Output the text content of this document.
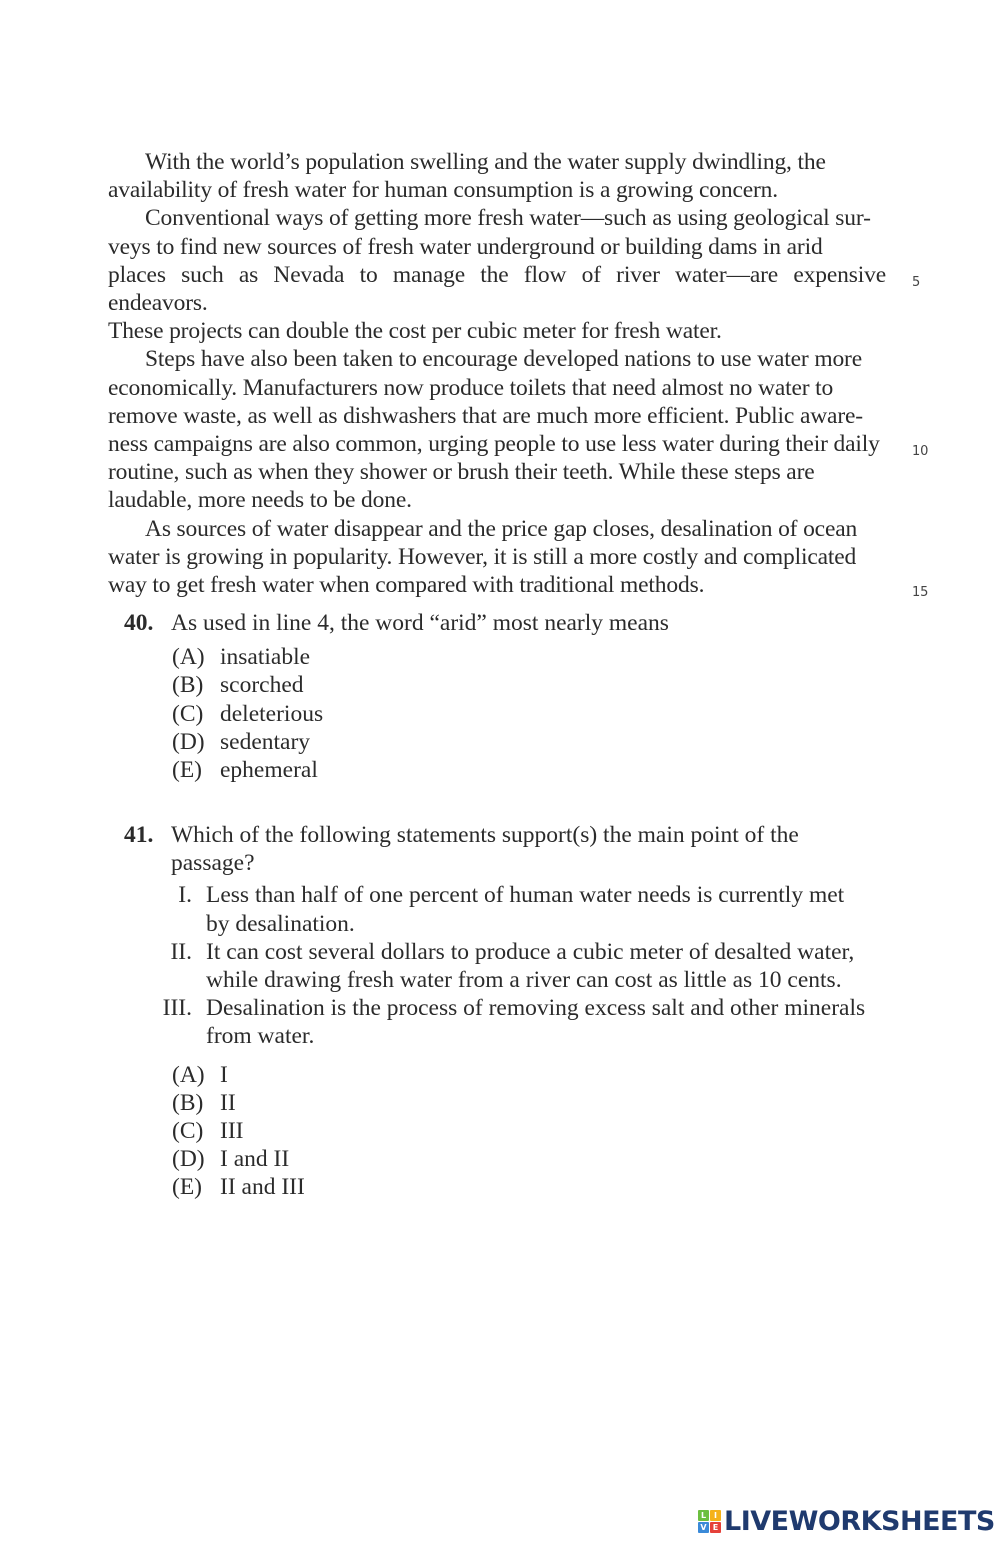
With the world’s population swelling and the water supply dwindling, the
availability of fresh water for human consumption is a growing concern.

Conventional ways of getting more fresh water—such as using geological sur-
veys to find new sources of fresh water underground or building dams in arid
places such as Nevada to manage the flow of river water—are expensive endeavors.
5
These projects can double the cost per cubic meter for fresh water.

Steps have also been taken to encourage developed nations to use water more
economically. Manufacturers now produce toilets that need almost no water to
remove waste, as well as dishwashers that are much more efficient. Public aware-
ness campaigns are also common, urging people to use less water during their daily 10
routine, such as when they shower or brush their teeth. While these steps are
laudable, more needs to be done.

As sources of water disappear and the price gap closes, desalination of ocean
water is growing in popularity. However, it is still a more costly and complicated
way to get fresh water when compared with traditional methods.	15

40. As used in line 4, the word “arid” most nearly means
(A) insatiable
(B) scorched
(C) deleterious
(D) sedentary
(E) ephemeral
41. Which of the following statements support(s) the main point of the passage?
I. Less than half of one percent of human water needs is currently met by desalination.
II. It can cost several dollars to produce a cubic meter of desalted water, while drawing fresh water from a river can cost as little as 10 cents.
III. Desalination is the process of removing excess salt and other minerals from water.
(A) I
(B) II
(C) III
(D) I and II
(E) II and III
L I
V E LIVEWORKSHEETS
